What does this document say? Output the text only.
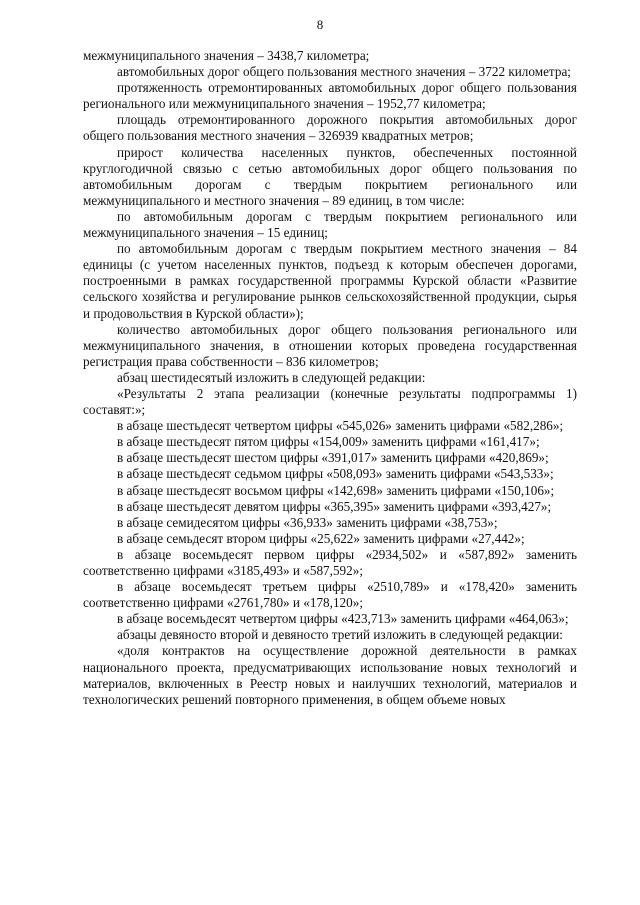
8

межмуниципального значения – 3438,7 километра;

автомобильных дорог общего пользования местного значения – 3722 километра;

протяженность отремонтированных автомобильных дорог общего пользования регионального или межмуниципального значения – 1952,77 километра;

площадь отремонтированного дорожного покрытия автомобильных дорог общего пользования местного значения – 326939 квадратных метров;

прирост количества населенных пунктов, обеспеченных постоянной круглогодичной связью с сетью автомобильных дорог общего пользования по автомобильным дорогам с твердым покрытием регионального или межмуниципального и местного значения – 89 единиц, в том числе:

по автомобильным дорогам с твердым покрытием регионального или межмуниципального значения – 15 единиц;

по автомобильным дорогам с твердым покрытием местного значения – 84 единицы (с учетом населенных пунктов, подъезд к которым обеспечен дорогами, построенными в рамках государственной программы Курской области «Развитие сельского хозяйства и регулирование рынков сельскохозяйственной продукции, сырья и продовольствия в Курской области»);

количество автомобильных дорог общего пользования регионального или межмуниципального значения, в отношении которых проведена государственная регистрация права собственности – 836 километров;

абзац шестидесятый изложить в следующей редакции:

«Результаты 2 этапа реализации (конечные результаты подпрограммы 1) составят:»;

в абзаце шестьдесят четвертом цифры «545,026» заменить цифрами «582,286»;

в абзаце шестьдесят пятом цифры «154,009» заменить цифрами «161,417»;

в абзаце шестьдесят шестом цифры «391,017» заменить цифрами «420,869»;

в абзаце шестьдесят седьмом цифры «508,093» заменить цифрами «543,533»;

в абзаце шестьдесят восьмом цифры «142,698» заменить цифрами «150,106»;

в абзаце шестьдесят девятом цифры «365,395» заменить цифрами «393,427»;

в абзаце семидесятом цифры «36,933» заменить цифрами «38,753»;

в абзаце семьдесят втором цифры «25,622» заменить цифрами «27,442»;

в абзаце восемьдесят первом цифры «2934,502» и «587,892» заменить соответственно цифрами «3185,493» и «587,592»;

в абзаце восемьдесят третьем цифры «2510,789» и «178,420» заменить соответственно цифрами «2761,780» и «178,120»;

в абзаце восемьдесят четвертом цифры «423,713» заменить цифрами «464,063»;

абзацы девяносто второй и девяносто третий изложить в следующей редакции:

«доля контрактов на осуществление дорожной деятельности в рамках национального проекта, предусматривающих использование новых технологий и материалов, включенных в Реестр новых и наилучших технологий, материалов и технологических решений повторного применения, в общем объеме новых
